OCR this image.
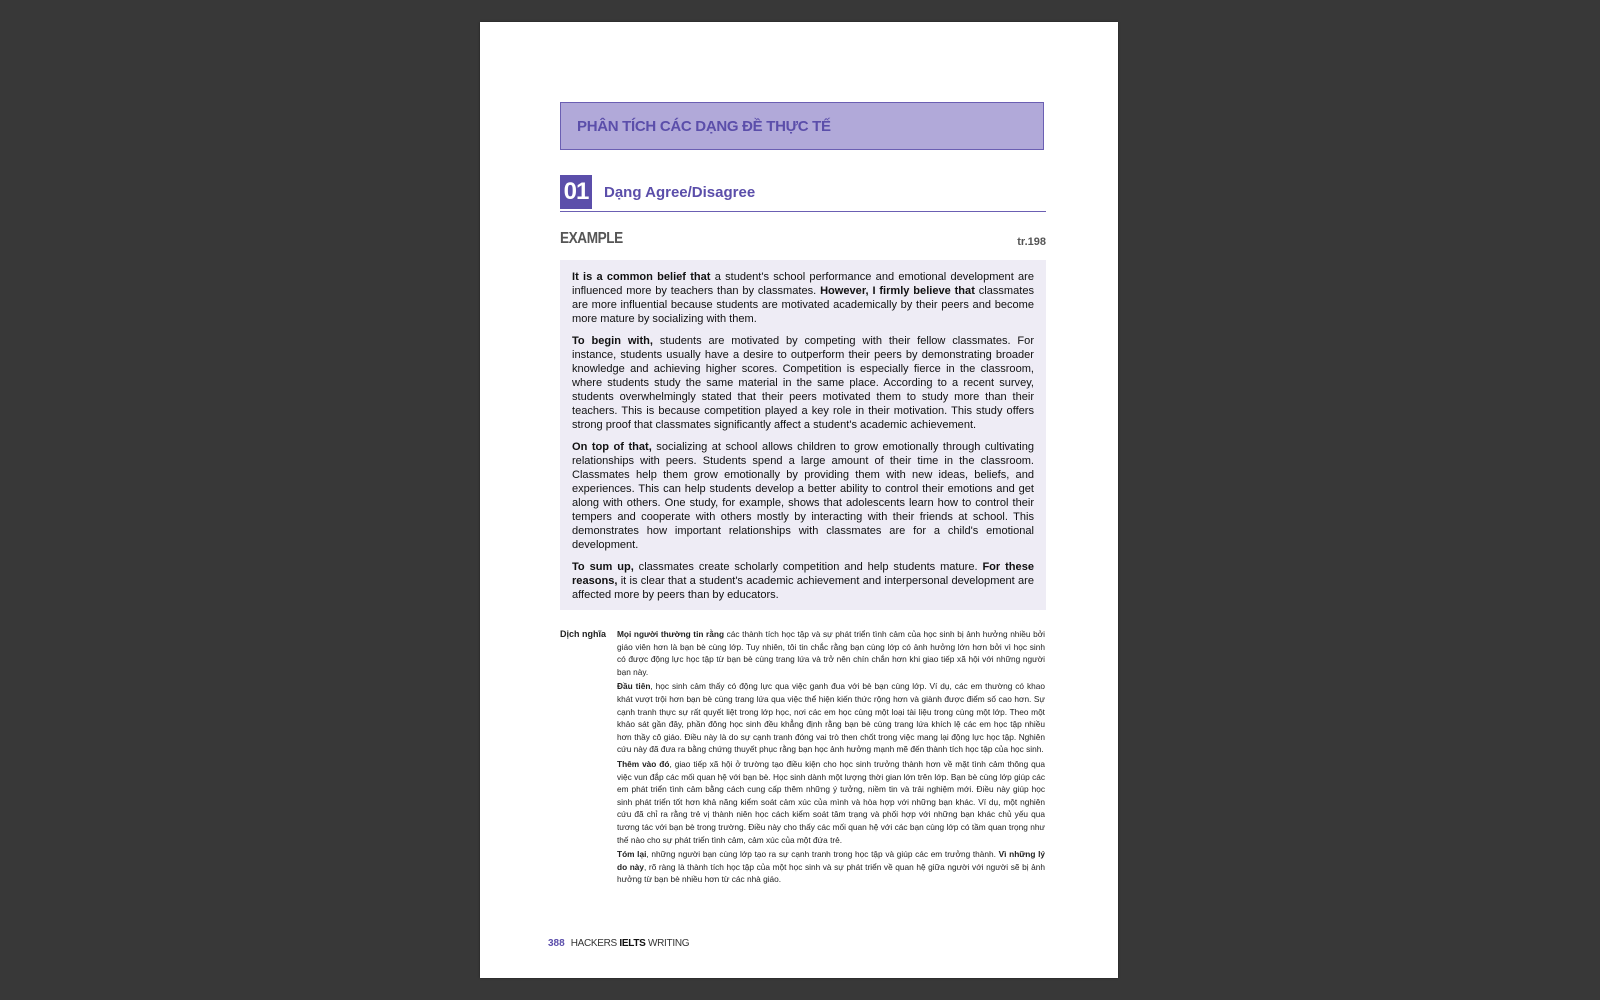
PHÂN TÍCH CÁC DẠNG ĐỀ THỰC TẾ
01 Dạng Agree/Disagree
EXAMPLE	tr.198

It is a common belief that a student's school performance and emotional development are influenced more by teachers than by classmates. However, I firmly believe that classmates are more influential because students are motivated academically by their peers and become more mature by socializing with them.

To begin with, students are motivated by competing with their fellow classmates. For instance, students usually have a desire to outperform their peers by demonstrating broader knowledge and achieving higher scores. Competition is especially fierce in the classroom, where students study the same material in the same place. According to a recent survey, students overwhelmingly stated that their peers motivated them to study more than their teachers. This is because competition played a key role in their motivation. This study offers strong proof that classmates significantly affect a student's academic achievement.

On top of that, socializing at school allows children to grow emotionally through cultivating relationships with peers. Students spend a large amount of their time in the classroom. Classmates help them grow emotionally by providing them with new ideas, beliefs, and experiences. This can help students develop a better ability to control their emotions and get along with others. One study, for example, shows that adolescents learn how to control their tempers and cooperate with others mostly by interacting with their friends at school. This demonstrates how important relationships with classmates are for a child's emotional development.

To sum up, classmates create scholarly competition and help students mature. For these reasons, it is clear that a student's academic achievement and interpersonal development are affected more by peers than by educators.

Dịch nghĩa Mọi người thường tin rằng các thành tích học tập và sự phát triển tình cảm của học sinh bị ảnh hưởng nhiều bởi giáo viên hơn là bạn bè cùng lớp. Tuy nhiên, tôi tin chắc rằng bạn cùng lớp có ảnh hưởng lớn hơn bởi vì học sinh có được động lực học tập từ bạn bè cùng trang lứa và trở nên chín chắn hơn khi giao tiếp xã hội với những người bạn này.

Đầu tiên, học sinh cảm thấy có động lực qua việc ganh đua với bè bạn cùng lớp. Ví dụ, các em thường có khao khát vượt trội hơn bạn bè cùng trang lứa qua việc thể hiện kiến thức rộng hơn và giành được điểm số cao hơn. Sự cạnh tranh thực sự rất quyết liệt trong lớp học, nơi các em học cùng một loại tài liệu trong cùng một lớp. Theo một khảo sát gần đây, phần đông học sinh đều khẳng định rằng bạn bè cùng trang lứa khích lệ các em học tập nhiều hơn thầy cô giáo. Điều này là do sự cạnh tranh đóng vai trò then chốt trong việc mang lại động lực học tập. Nghiên cứu này đã đưa ra bằng chứng thuyết phục rằng bạn học ảnh hưởng mạnh mẽ đến thành tích học tập của học sinh.

Thêm vào đó, giao tiếp xã hội ở trường tạo điều kiện cho học sinh trưởng thành hơn về mặt tình cảm thông qua việc vun đắp các mối quan hệ với bạn bè. Học sinh dành một lượng thời gian lớn trên lớp. Bạn bè cùng lớp giúp các em phát triển tình cảm bằng cách cung cấp thêm những ý tưởng, niềm tin và trải nghiệm mới. Điều này giúp học sinh phát triển tốt hơn khả năng kiểm soát cảm xúc của mình và hòa hợp với những bạn khác. Ví dụ, một nghiên cứu đã chỉ ra rằng trẻ vị thành niên học cách kiểm soát tâm trạng và phối hợp với những bạn khác chủ yếu qua tương tác với bạn bè trong trường. Điều này cho thấy các mối quan hệ với các bạn cùng lớp có tầm quan trọng như thế nào cho sự phát triển tình cảm, cảm xúc của một đứa trẻ.

Tóm lại, những người bạn cùng lớp tạo ra sự cạnh tranh trong học tập và giúp các em trưởng thành. Vì những lý do này, rõ ràng là thành tích học tập của một học sinh và sự phát triển về quan hệ giữa người với người sẽ bị ảnh hưởng từ bạn bè nhiều hơn từ các nhà giáo.

388 HACKERS IELTS WRITING
